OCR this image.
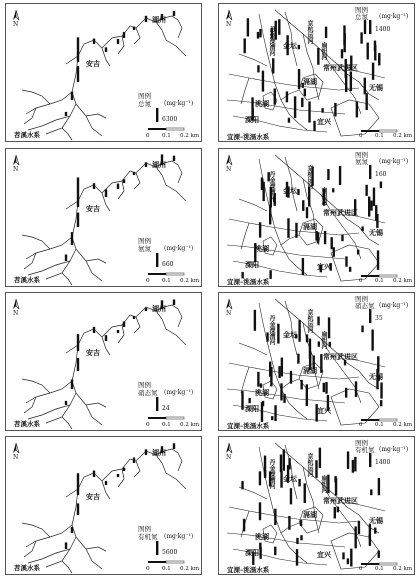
N
湖州
安吉
图例
总氮 (mg·kg⁻¹)
6300
苕溪水系	0 0.1 0.2 km
N
图例
总氮 (mg·kg⁻¹)
1400
京杭运河
金坛
丹金溧漕河	扁担河
滆湖
常州武进区
洮湖
无锡
溧阳	宜兴
宜溧–洮滆水系	0 0.1 0.2 km
N
湖州
安吉
图例
氨氮 (mg·kg⁻¹)
660
苕溪水系	0 0.1 0.2 km
N
图例
氨氮 (mg·kg⁻¹)
160
京杭运河
金坛
丹金溧漕河	扁担河
滆湖
常州武进区
洮湖
无锡
溧阳	宜兴
宜溧–洮滆水系	0 0.1 0.2 km
N
湖州
安吉
图例
硝态氮 (mg·kg⁻¹)
24
苕溪水系	0 0.1 0.2 km
N
图例
硝态氮 (mg·kg⁻¹)
35
京杭运河
金坛
丹金溧漕河	扁担河
滆湖
常州武进区
洮湖
无锡
溧阳	宜兴
宜溧–洮滆水系	0 0.1 0.2 km
N
湖州
安吉
图例
有机氮 (mg·kg⁻¹)
5600
苕溪水系	0 0.1 0.2 km
N
图例
有机氮 (mg·kg⁻¹)
1400
京杭运河
金坛
丹金溧漕河	扁担河
滆湖
常州武进区
洮湖
无锡
溧阳	宜兴
宜溧–洮滆水系	0 0.1 0.2 km
